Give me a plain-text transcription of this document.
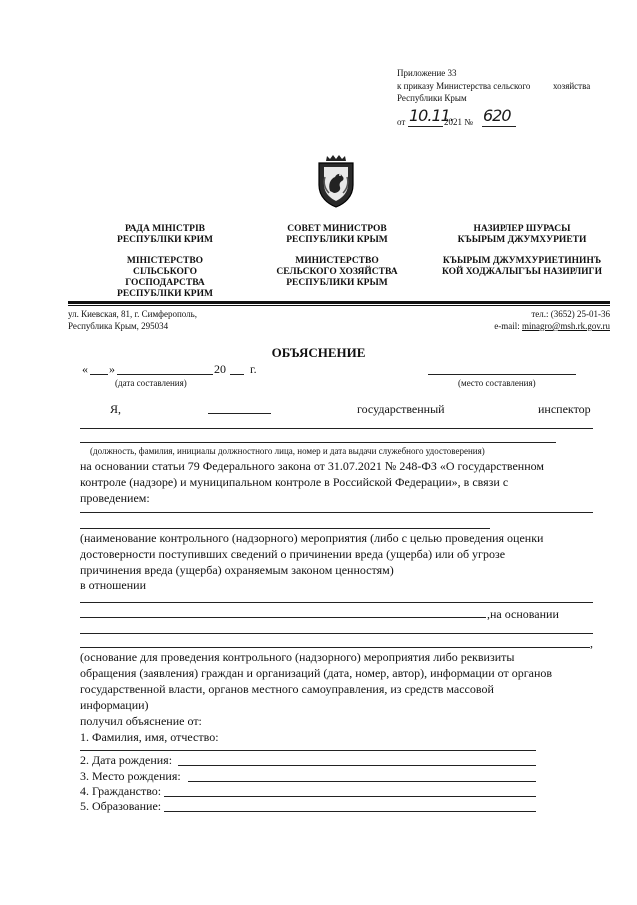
Приложение 33
к приказу Министерства сельского	хозяйства
Республики Крым
от 10.11.
2021 № 620
РАДА МІНІСТРІВ
РЕСПУБЛІКИ КРИМ
СОВЕТ МИНИСТРОВ
РЕСПУБЛИКИ КРЫМ
НАЗИРЛЕР ШУРАСЫ
КЪЫРЫМ ДЖУМХУРИЕТИ
МІНІСТЕРСТВО
СІЛЬСЬКОГО
ГОСПОДАРСТВА
РЕСПУБЛІКИ КРИМ
МИНИСТЕРСТВО
СЕЛЬСКОГО ХОЗЯЙСТВА
РЕСПУБЛИКИ КРЫМ
КЪЫРЫМ ДЖУМХУРИЕТИНИНЪ
КОЙ ХОДЖАЛЫГЪЫ НАЗИРЛИГИ
ул. Киевская, 81, г. Симферополь,
Республика Крым, 295034
тел.: (3652) 25-01-36
e-mail: minagro@msh.rk.gov.ru
ОБЪЯСНЕНИЕ
« »	20 г.
(дата составления)	(место составления)
Я,	государственный	инспектор
(должность, фамилия, инициалы должностного лица, номер и дата выдачи служебного удостоверения)
на основании статьи 79 Федерального закона от 31.07.2021 № 248-ФЗ «О государственном
контроле (надзоре) и муниципальном контроле в Российской Федерации», в связи с
проведением:
(наименование контрольного (надзорного) мероприятия (либо с целью проведения оценки
достоверности поступивших сведений о причинении вреда (ущерба) или об угрозе
причинения вреда (ущерба) охраняемым законом ценностям)
в отношении
,на основании
,
(основание для проведения контрольного (надзорного) мероприятия либо реквизиты
обращения (заявления) граждан и организаций (дата, номер, автор), информации от органов
государственной власти, органов местного самоуправления, из средств массовой
информации)
получил объяснение от:
1. Фамилия, имя, отчество:
2. Дата рождения:
3. Место рождения:
4. Гражданство:
5. Образование:
